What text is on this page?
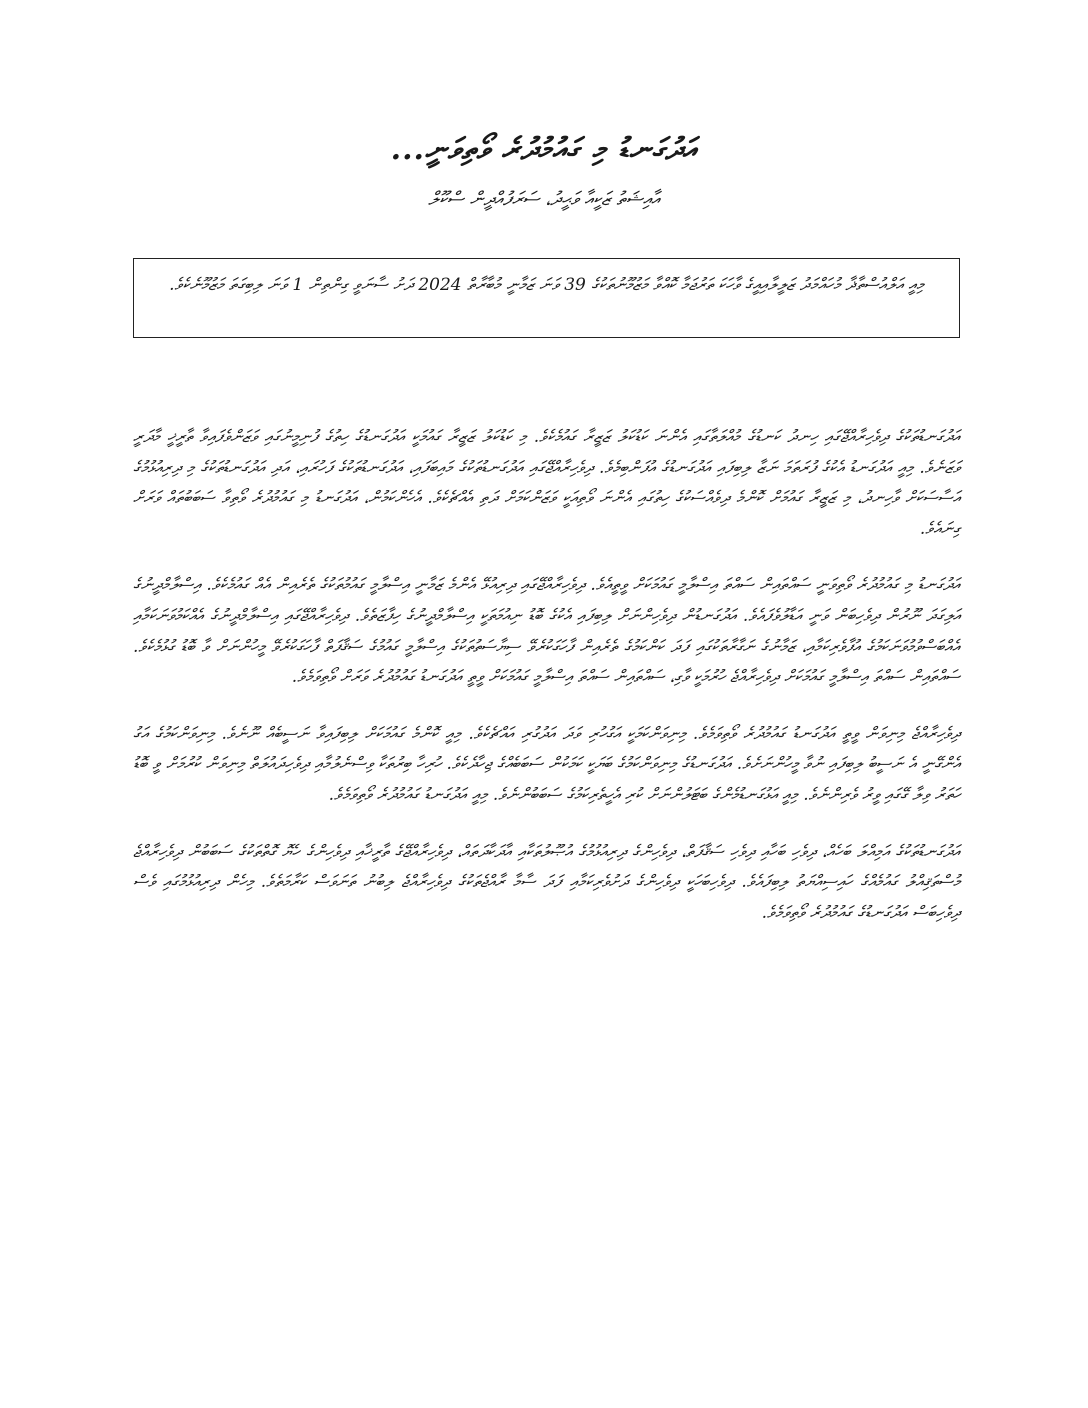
އަދުގަނޑު މި ގައުމުދުރެ ވޯތިވަނީ...
އާއިޝަތު ޒަކީއާ ވަޙީދު، ސަރަފުއްދީން ސްކޫލް
މިއީ އަލްއުސްތާޛާ މުހައްމަދު ޒަލީލާއިއީގެ ވާހަކަ ތަރުޖަމާ ކޮއްވާ މަޒުމޫނުތަކުގެ 39 ވަނަ ޒަމާނީ މުބާރާތް 2024 ދަށު ސާނަވީ ގިންތިން 1 ވަނަ ލިބިގަތަ މަޒުމޫނެކެވެ.

އަދުގަނޑުތަކުގެ ދިވެހިރާއްޖޭގައި ހިނދު ކަނޑުގެ މުއްލަތާގައި އެންނަ ކަޑުކަލު ޒަޒީރާ ގައުމެކެވެ. މި ކަޑުކަލު ޒަޒީރާ ގައުމަކީ އަދުގަނޑުގެ ހިތުގެ ފުނިމީނުގައި ވަޒަންވެފައިވާ ތާރީޚީ މާދަރީ ވަޒަނެވެ. މިއީ އަދުގަނޑު އެކުގެ ފުރަތަމަ ނަޒާ ލިބިފައި އަދުގަނޑުގެ އުފަންބިމެވެ. ދިވެހިރާއްޖޭގައި އަދުގަނޑުތަކުގެ މައިބަފައި، އަދުގަނޑުތަކުގެ ފަހުރައި، އަދި އަދުގަނޑުތަކުގެ މި ދިރިއުޅުމުގެ އަސާސަކަށް ވާހިނދު، މި ޒަޒީރާ ގައުމަށް ކޮންމެ ދިވެއްސަކުގެ ހިތުގައި އެންނަ ވޯތިއަކީ ވަޒަންކަމަށް ދަތި އެއްޗެކެވެ. އެހެންކަމުން، އަދުގަނޑު މި ގައުމުދުރެ ވޯތިވާ ސަބަބުތައް ވަރަށް ގިނައެވެ.

އަދުގަނޑު މި ގައުމުދުރެ ވޯތިވަނީ ސައްތައިން ސައްތަ އިސްލާމީ ގައުމަކަށް ވީތީއެވެ. ދިވެހިރާއްޖޭގައި ދިރިއުޅޭ އެންމެ ޒަމާނީ އިސްލާމީ ގައުމުތަކުގެ ތެރެއިން އެއް ގައުމެކެވެ. އިސްލާމްދީނުގެ އަލިގަދަ ނޫރުން ދިވެހިބަން ވަނީ އަޑާލުވެފައެވެ. އަދުގަނޑުން ދިވެހިންނަށް ލިބިފައި އެކުގެ ބޮޑު ނިއުމަތަކީ އިސްލާމްދީނުގެ ހިފާޒަތެވެ. ދިވެހިރާއްޖޭގައި އިސްލާމްދީނުގެ އެއްކަމުވަނަކަމާއި އެއްބަސްވުމުވަނަކަމުގެ އުފާވެރިކަމާއި، ޒަމާނުގެ ނަގާރާތަކުގައި ފަދަ ކަންކަމުގެ ތެރެއިން ފާހަގަކުރެވޭ ސިޔާސަތުތަކުގެ އިސްލާމީ ގައުމުގެ ސަޤާފަތް ފާހަގަކުރެވޭ މީހުންނަށް ވާ ބޮޑު ގުޅުމެކެވެ. ސައްތައިން ސައްތަ އިސްލާމީ ގައުމަކަށް ދިވެހިރާއްޖެ ހުރުމަކީ ވާގި، ސައްތައިން ސައްތަ އިސްލާމީ ގައުމަކަށް ވީތީ އަދުގަނޑު ގައުމުދުރެ ވަރަށް ވޯތިވަމެވެ.

ދިވެހިރާއްޖެ މިނިވަން ވީތީ އަދުގަނޑު ގައުމުދުރެ ވޯތިވަމެވެ. މިނިވަންކަމަކީ އަގުހުރި ވަދަ އަދުގުރި އައްޗެކެވެ. މިއީ ކޮންމެ ގައުމަކަށް ލިބިފައިވާ ނަސީބެއް ނޫނެވެ. މިނިވަންކަމުގެ އަގު އެންގޭނީ އެ ނަސީބު ލިބިފައި ނުވާ މީހުންނަށެވެ. އަދުގަނޑުގެ މިނިވަންކަމުގެ ބަޔަކީ ކަމަކުން ސަބަބެއްގެ ޖިހާދެކެވެ. ހުރިހާ ބިރުތަކާ ވިސްނެލުމާއި ދިވެހިދައުލަތް މިނިވަން ކުރުމަށް ވީ ބޮޑު ހަތަރު ވިލާ ގޭގައި ވީރު ވެރިންނެވެ. މިއީ އަޅުގަނޑުމެންގެ ބަޓަލުންނަށް ކުރި އެހީތެރިކަމުގެ ސަބަބުންނެވެ. މިއީ އަދުގަނޑު ގައުމުދުރެ ވޯތިވަމެވެ.

އަދުގަނޑުތަކުގެ އަމިއްލަ ބަހެއް، ދިވެހި ބަހާއި ދިވެހި ސަޤާފަތް، ދިވެހިންގެ ދިރިއުޅުމުގެ އުޞޫލުތަކާއި އާދަކާދަތައް، ދިވެހިރާއްޖޭގެ ތާރީޚާއި ދިވެހިންގެ ހެޔޮ ގޮތްތަކުގެ ސަބަބުން ދިވެހިރާއްޖެ މުސްތަޤިއްލު ގައުމެއްގެ ހައިސިއްޔަތު ލިބިފައެވެ. ދިވެހިބަހަކީ ދިވެހިންގެ ދަށުވެރިކަމާއި ފަދަ ސާމާ ރާއްޖެތަކުގެ ދިވެހިރާއްޖެ ލިބުނު ތަނަވަސް ކަރާމަތެވެ. މިހެން ދިރިއުޅުމުގައި ވެސް ދިވެހިބަސް އަދުގަނޑުގެ ގައުމުދުރެ ވޯތިވަމެވެ.
